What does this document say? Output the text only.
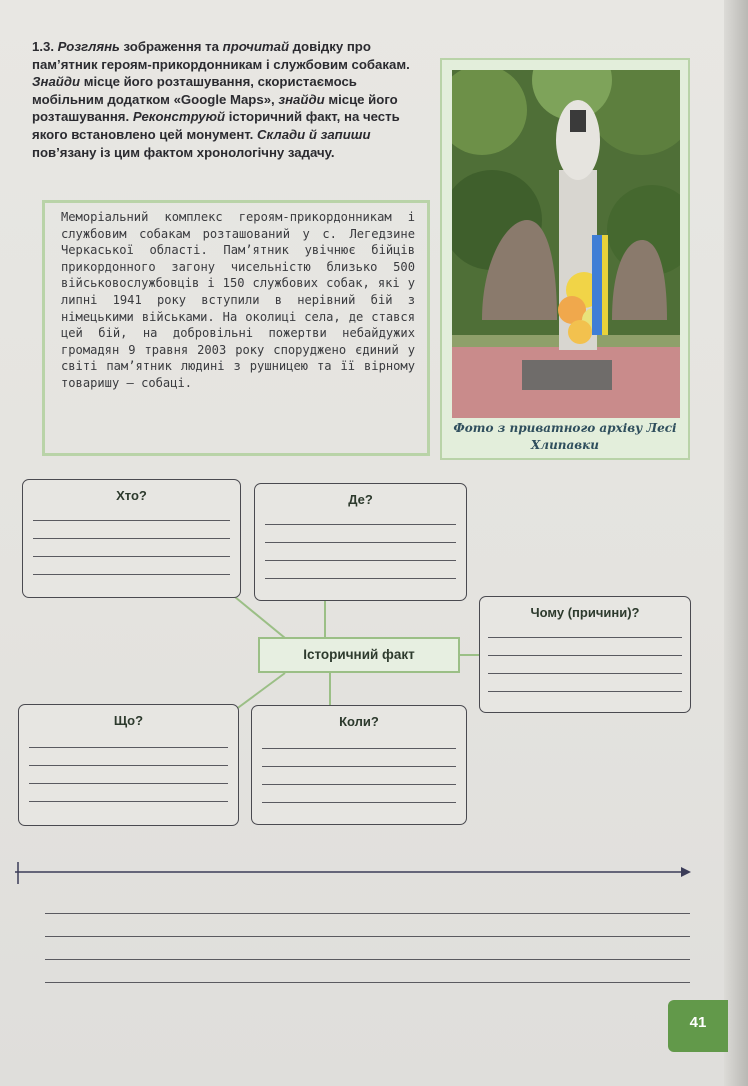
1.3. Розглянь зображення та прочитай довідку про пам’ятник героям-прикордонникам і службовим собакам. Знайди місце його розташування, скористаємось мобільним додатком «Google Maps», знайди місце його розташування. Реконструюй історичний факт, на честь якого встановлено цей монумент. Склади й запиши пов’язану із цим фактом хронологічну задачу.
Меморіальний комплекс героям-прикордонникам і службовим собакам розташований у с. Легедзине Черкаської області. Пам’ятник увічнює бійців прикордонного загону чисельністю близько 500 військовослужбовців і 150 службових собак, які у липні 1941 року вступили в нерівний бій з німецькими військами. На околиці села, де стався цей бій, на добровільні пожертви небайдужих громадян 9 травня 2003 року споруджено єдиний у світі пам’ятник людині з рушницею та її вірному товаришу — собаці.
Фото з приватного архіву Лесі Хлипавки
Хто?	Де?
Чому (причини)?
Історичний факт
Що?	Коли?
41
